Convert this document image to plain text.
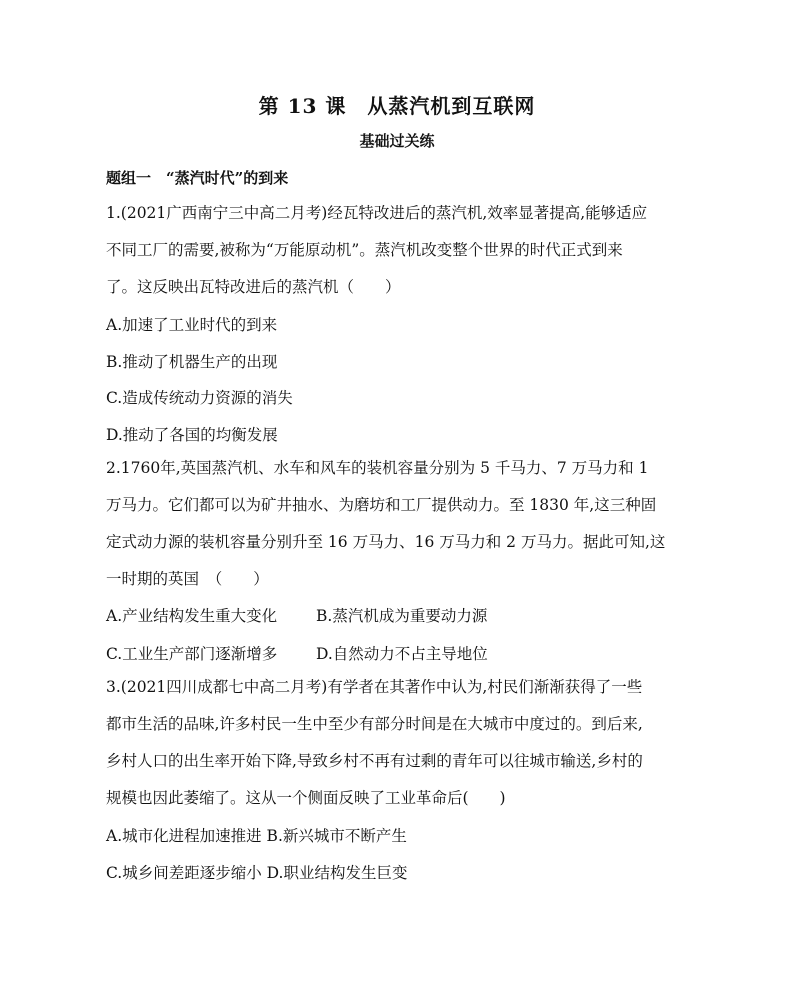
第 13 课　从蒸汽机到互联网
基础过关练
题组一　“蒸汽时代”的到来
1.(2021广西南宁三中高二月考)经瓦特改进后的蒸汽机,效率显著提高,能够适应
不同工厂的需要,被称为“万能原动机”。蒸汽机改变整个世界的时代正式到来
了。这反映出瓦特改进后的蒸汽机（　　）
A.加速了工业时代的到来
B.推动了机器生产的出现
C.造成传统动力资源的消失
D.推动了各国的均衡发展
2.1760年,英国蒸汽机、水车和风车的装机容量分别为 5 千马力、7 万马力和 1
万马力。它们都可以为矿井抽水、为磨坊和工厂提供动力。至 1830 年,这三种固
定式动力源的装机容量分别升至 16 万马力、16 万马力和 2 万马力。据此可知,这
一时期的英国　（　　）
A.产业结构发生重大变化	B.蒸汽机成为重要动力源
C.工业生产部门逐渐增多	D.自然动力不占主导地位
3.(2021四川成都七中高二月考)有学者在其著作中认为,村民们渐渐获得了一些
都市生活的品味,许多村民一生中至少有部分时间是在大城市中度过的。到后来,
乡村人口的出生率开始下降,导致乡村不再有过剩的青年可以往城市输送,乡村的
规模也因此萎缩了。这从一个侧面反映了工业革命后(　　)
A.城市化进程加速推进 B.新兴城市不断产生
C.城乡间差距逐步缩小 D.职业结构发生巨变
